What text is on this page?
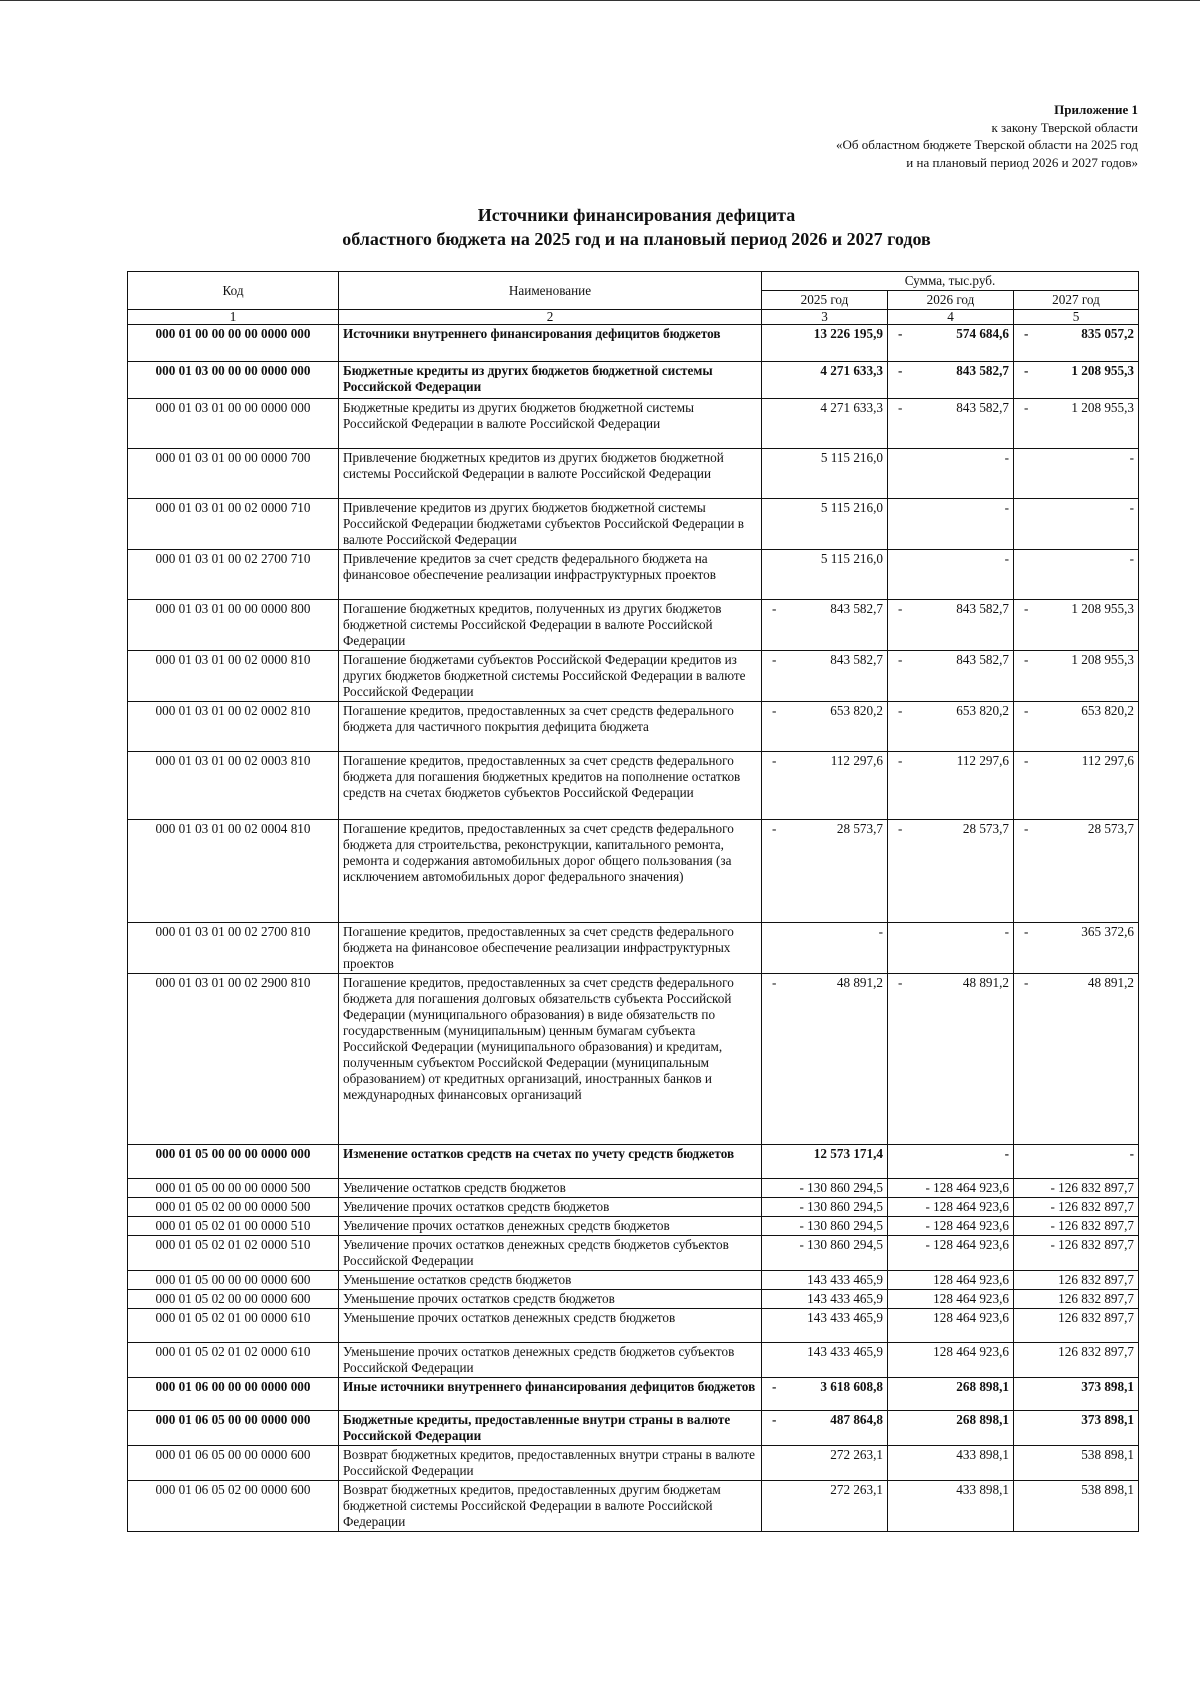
Приложение 1
к закону Тверской области
«Об областном бюджете Тверской области на 2025 год
и на плановый период 2026 и 2027 годов»
Источники финансирования дефицита
областного бюджета на 2025 год и на плановый период 2026 и 2027 годов
Код	Наименование	Сумма, тыс.руб.		
		2025 год	2026 год	2027 год
1	2	3	4	5
000 01 00 00 00 00 0000 000	Источники внутреннего финансирования дефицитов бюджетов	13 226 195,9	- 574 684,6	- 835 057,2
000 01 03 00 00 00 0000 000	Бюджетные кредиты из других бюджетов бюджетной системы Российской Федерации	4 271 633,3	- 843 582,7	- 1 208 955,3
000 01 03 01 00 00 0000 000	Бюджетные кредиты из других бюджетов бюджетной системы Российской Федерации в валюте Российской Федерации	4 271 633,3	- 843 582,7	- 1 208 955,3
000 01 03 01 00 00 0000 700	Привлечение бюджетных кредитов из других бюджетов бюджетной системы Российской Федерации в валюте Российской Федерации	5 115 216,0	-	-
000 01 03 01 00 02 0000 710	Привлечение кредитов из других бюджетов бюджетной системы Российской Федерации бюджетами субъектов Российской Федерации в валюте Российской Федерации	5 115 216,0	-	-
000 01 03 01 00 02 2700 710	Привлечение кредитов за счет средств федерального бюджета на финансовое обеспечение реализации инфраструктурных проектов	5 115 216,0	-	-
000 01 03 01 00 00 0000 800	Погашение бюджетных кредитов, полученных из других бюджетов бюджетной системы Российской Федерации в валюте Российской Федерации	- 843 582,7	- 843 582,7	- 1 208 955,3
000 01 03 01 00 02 0000 810	Погашение бюджетами субъектов Российской Федерации кредитов из других бюджетов бюджетной системы Российской Федерации в валюте Российской Федерации	- 843 582,7	- 843 582,7	- 1 208 955,3
000 01 03 01 00 02 0002 810	Погашение кредитов, предоставленных за счет средств федерального бюджета для частичного покрытия дефицита бюджета	- 653 820,2	- 653 820,2	- 653 820,2
000 01 03 01 00 02 0003 810	Погашение кредитов, предоставленных за счет средств федерального бюджета для погашения бюджетных кредитов на пополнение остатков средств на счетах бюджетов субъектов Российской Федерации	- 112 297,6	- 112 297,6	- 112 297,6
000 01 03 01 00 02 0004 810	Погашение кредитов, предоставленных за счет средств федерального бюджета для строительства, реконструкции, капитального ремонта, ремонта и содержания автомобильных дорог общего пользования (за исключением автомобильных дорог федерального значения)	- 28 573,7	- 28 573,7	- 28 573,7
000 01 03 01 00 02 2700 810	Погашение кредитов, предоставленных за счет средств федерального бюджета на финансовое обеспечение реализации инфраструктурных проектов	-	-	- 365 372,6
000 01 03 01 00 02 2900 810	Погашение кредитов, предоставленных за счет средств федерального бюджета для погашения долговых обязательств субъекта Российской Федерации (муниципального образования) в виде обязательств по государственным (муниципальным) ценным бумагам субъекта Российской Федерации (муниципального образования) и кредитам, полученным субъектом Российской Федерации (муниципальным образованием) от кредитных организаций, иностранных банков и международных финансовых организаций	- 48 891,2	- 48 891,2	- 48 891,2
000 01 05 00 00 00 0000 000	Изменение остатков средств на счетах по учету средств бюджетов	12 573 171,4	-	-
000 01 05 00 00 00 0000 500	Увеличение остатков средств бюджетов	- 130 860 294,5	- 128 464 923,6	- 126 832 897,7
000 01 05 02 00 00 0000 500	Увеличение прочих остатков средств бюджетов	- 130 860 294,5	- 128 464 923,6	- 126 832 897,7
000 01 05 02 01 00 0000 510	Увеличение прочих остатков денежных средств бюджетов	- 130 860 294,5	- 128 464 923,6	- 126 832 897,7
000 01 05 02 01 02 0000 510	Увеличение прочих остатков денежных средств бюджетов субъектов Российской Федерации	- 130 860 294,5	- 128 464 923,6	- 126 832 897,7
000 01 05 00 00 00 0000 600	Уменьшение остатков средств бюджетов	143 433 465,9	128 464 923,6	126 832 897,7
000 01 05 02 00 00 0000 600	Уменьшение прочих остатков средств бюджетов	143 433 465,9	128 464 923,6	126 832 897,7
000 01 05 02 01 00 0000 610	Уменьшение прочих остатков денежных средств бюджетов	143 433 465,9	128 464 923,6	126 832 897,7
000 01 05 02 01 02 0000 610	Уменьшение прочих остатков денежных средств бюджетов субъектов Российской Федерации	143 433 465,9	128 464 923,6	126 832 897,7
000 01 06 00 00 00 0000 000	Иные источники внутреннего финансирования дефицитов бюджетов	- 3 618 608,8	268 898,1	373 898,1
000 01 06 05 00 00 0000 000	Бюджетные кредиты, предоставленные внутри страны в валюте Российской Федерации	- 487 864,8	268 898,1	373 898,1
000 01 06 05 00 00 0000 600	Возврат бюджетных кредитов, предоставленных внутри страны в валюте Российской Федерации	272 263,1	433 898,1	538 898,1
000 01 06 05 02 00 0000 600	Возврат бюджетных кредитов, предоставленных другим бюджетам бюджетной системы Российской Федерации в валюте Российской Федерации	272 263,1	433 898,1	538 898,1
